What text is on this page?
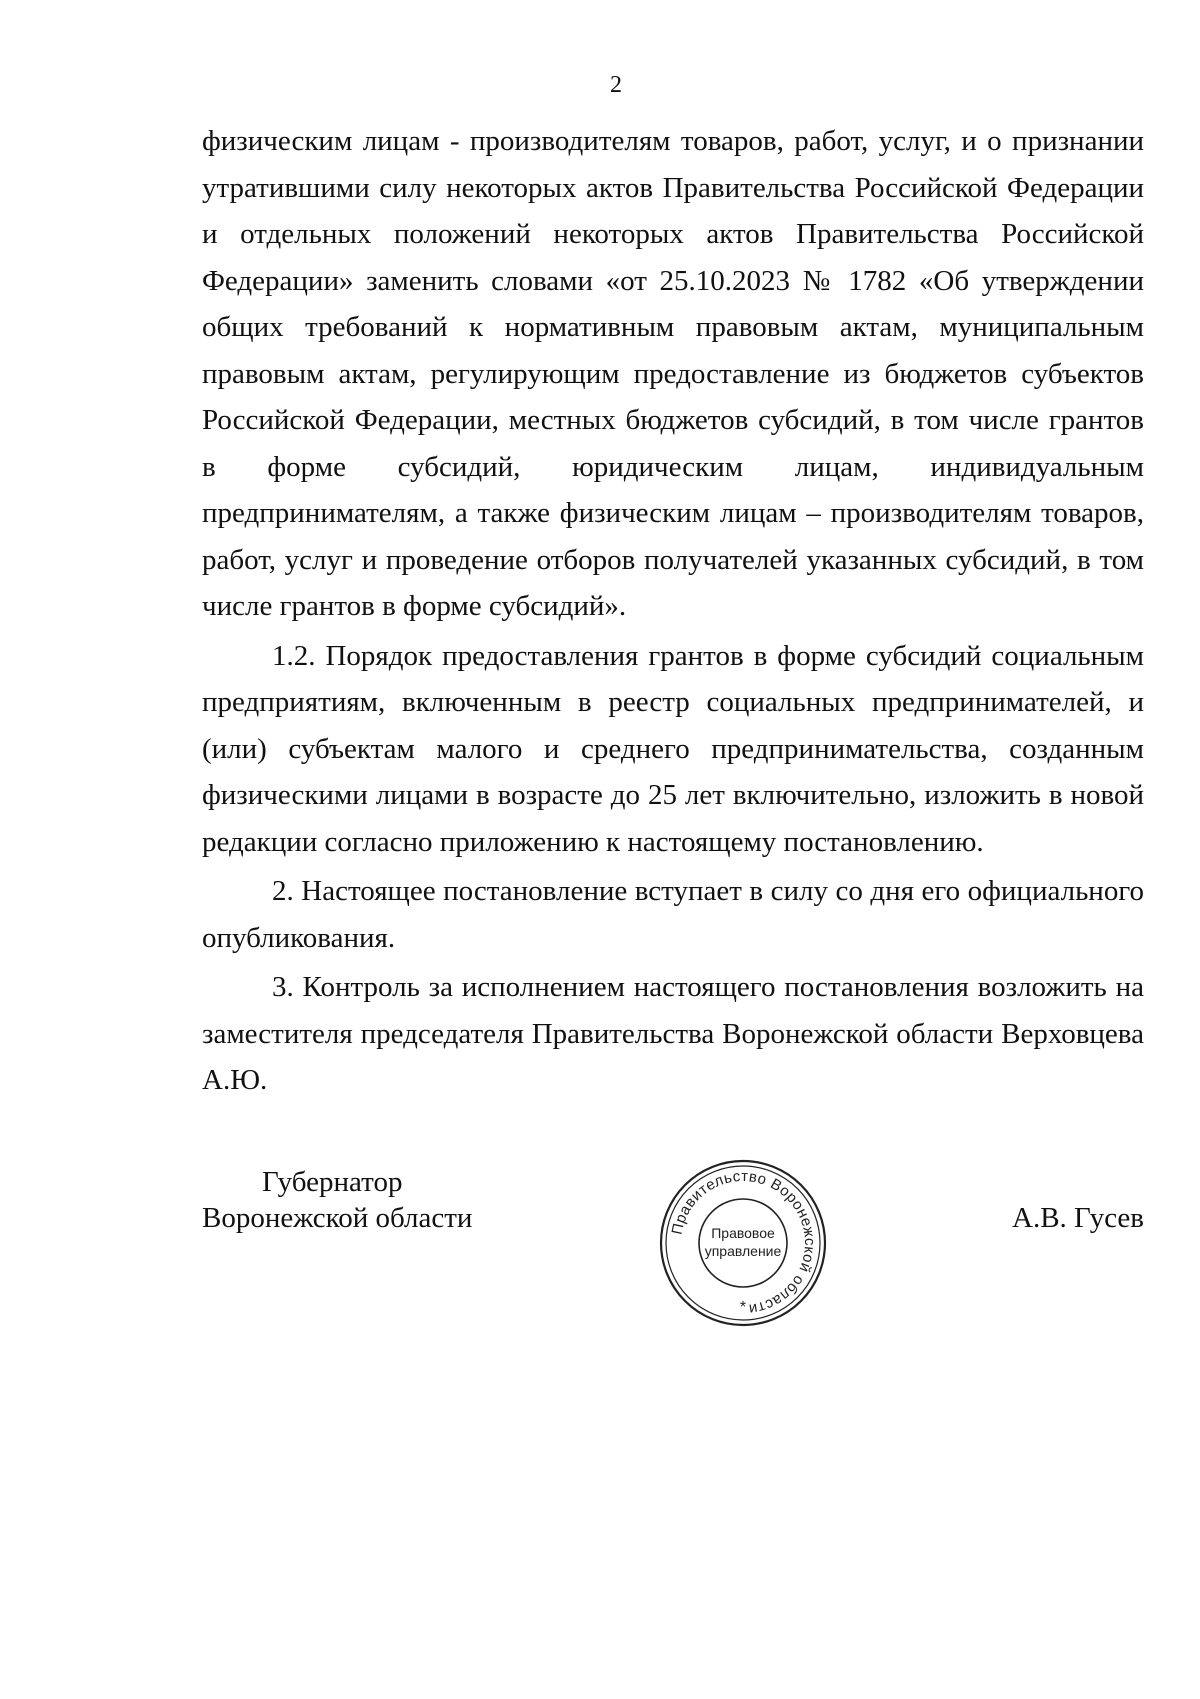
2

физическим лицам - производителям товаров, работ, услуг, и о признании утратившими силу некоторых актов Правительства Российской Федерации и отдельных положений некоторых актов Правительства Российской Федерации» заменить словами «от 25.10.2023 № 1782 «Об утверждении общих требований к нормативным правовым актам, муниципальным правовым актам, регулирующим предоставление из бюджетов субъектов Российской Федерации, местных бюджетов субсидий, в том числе грантов в форме субсидий, юридическим лицам, индивидуальным предпринимателям, а также физическим лицам – производителям товаров, работ, услуг и проведение отборов получателей указанных субсидий, в том числе грантов в форме субсидий».

1.2. Порядок предоставления грантов в форме субсидий социальным предприятиям, включенным в реестр социальных предпринимателей, и (или) субъектам малого и среднего предпринимательства, созданным физическими лицами в возрасте до 25 лет включительно, изложить в новой редакции согласно приложению к настоящему постановлению.

2. Настоящее постановление вступает в силу со дня его официального опубликования.

3. Контроль за исполнением настоящего постановления возложить на заместителя председателя Правительства Воронежской области Верховцева А.Ю.

Губернатор
Воронежской области	Правительство Воронежской области
Правовое
управление
*
А.В. Гусев
